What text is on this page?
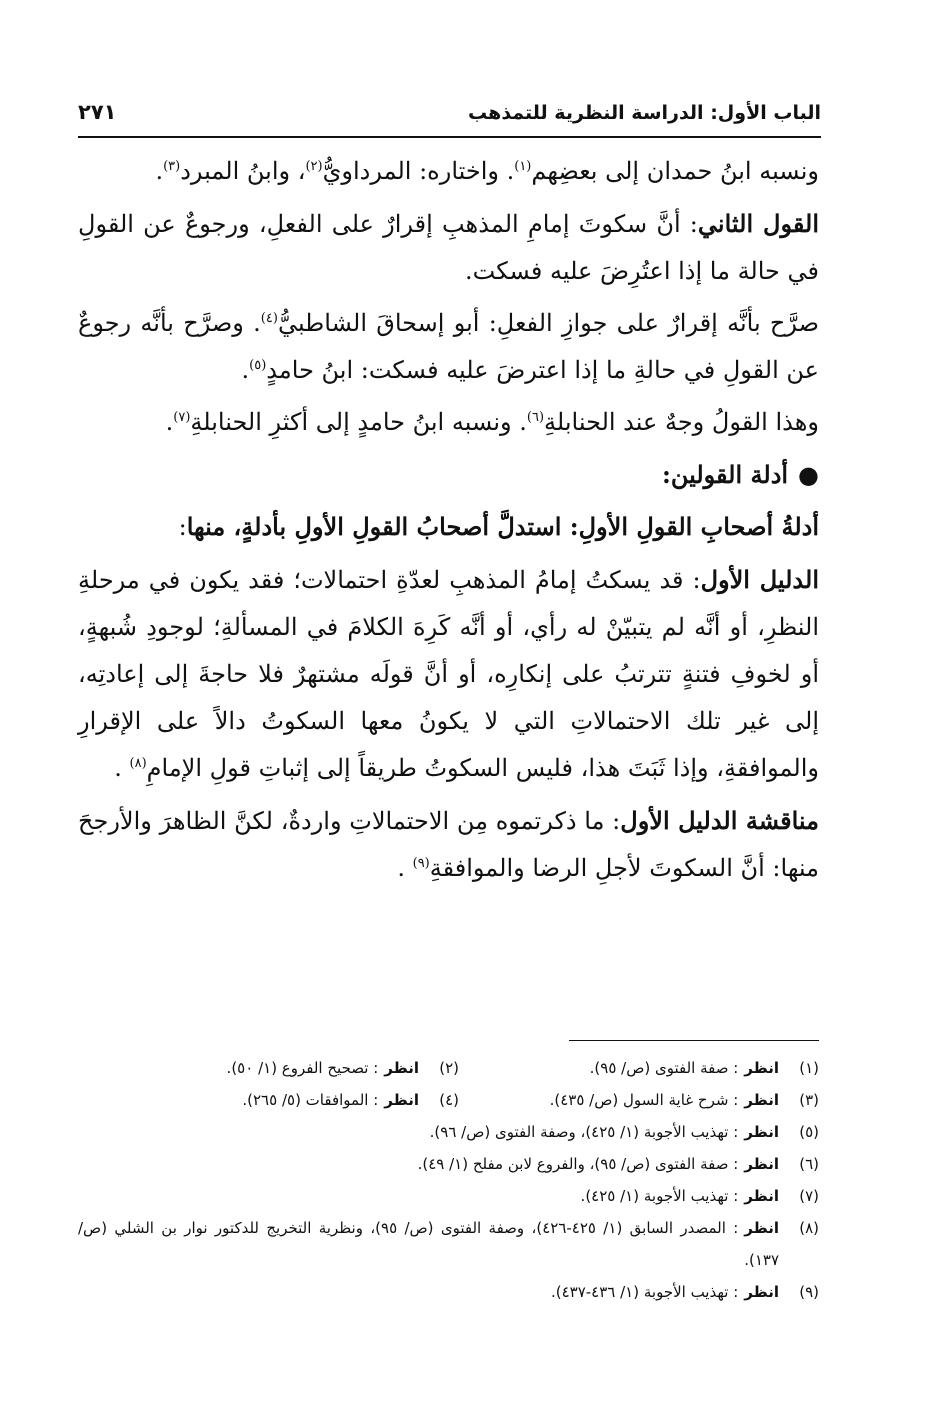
الباب الأول: الدراسة النظرية للتمذهب
٢٧١

ونسبه ابنُ حمدان إلى بعضِهم$^{(١)}$. واختاره: المرداويُّ$^{(٢)}$، وابنُ المبرد$^{(٣)}$.

القول الثاني: أنَّ سكوتَ إمامِ المذهبِ إقرارٌ على الفعلِ، ورجوعٌ عن القولِ في حالة ما إذا اعتُرِضَ عليه فسكت.

صرَّح بأنَّه إقرارٌ على جوازِ الفعلِ: أبو إسحاقَ الشاطبيُّ$^{(٤)}$. وصرَّح بأنَّه رجوعٌ عن القولِ في حالةِ ما إذا اعترضَ عليه فسكت: ابنُ حامدٍ$^{(٥)}$.

وهذا القولُ وجهٌ عند الحنابلةِ$^{(٦)}$. ونسبه ابنُ حامدٍ إلى أكثرِ الحنابلةِ$^{(٧)}$.

●أدلة القولين:

أدلةُ أصحابِ القولِ الأولِ: استدلَّ أصحابُ القولِ الأولِ بأدلةٍ، منها:

الدليل الأول: قد يسكتُ إمامُ المذهبِ لعدّةِ احتمالات؛ فقد يكون في مرحلةِ النظرِ، أو أنَّه لم يتبيّنْ له رأي، أو أنَّه كَرِهَ الكلامَ في المسألةِ؛ لوجودِ شُبهةٍ، أو لخوفِ فتنةٍ تترتبُ على إنكارِه، أو أنَّ قولَه مشتهرٌ فلا حاجةَ إلى إعادتِه، إلى غير تلك الاحتمالاتِ التي لا يكونُ معها السكوتُ دالاً على الإقرارِ والموافقةِ، وإذا ثَبَتَ هذا، فليس السكوتُ طريقاً إلى إثباتِ قولِ الإمامِ$^{(٨)}$ .

مناقشة الدليل الأول: ما ذكرتموه مِن الاحتمالاتِ واردةٌ، لكنَّ الظاهرَ والأرجحَ منها: أنَّ السكوتَ لأجلِ الرضا والموافقةِ$^{(٩)}$ .

(١)
انظر
: صفة الفتوى (ص/ ٩٥).
(٢)
انظر
: تصحيح الفروع (١/ ٥٠).
(٣)
انظر
: شرح غاية السول (ص/ ٤٣٥).
(٤)
انظر
: الموافقات (٥/ ٢٦٥).
(٥)
انظر
: تهذيب الأجوبة (١/ ٤٢٥)، وصفة الفتوى (ص/ ٩٦).
(٦)
انظر
: صفة الفتوى (ص/ ٩٥)، والفروع لابن مفلح (١/ ٤٩).
(٧)
انظر
: تهذيب الأجوبة (١/ ٤٢٥).
(٨)
انظر: المصدر السابق (١/ ٤٢٥-٤٢٦)، وصفة الفتوى (ص/ ٩٥)، ونظرية التخريج للدكتور نوار بن الشلي (ص/ ١٣٧).
(٩)
انظر
: تهذيب الأجوبة (١/ ٤٣٦-٤٣٧).
